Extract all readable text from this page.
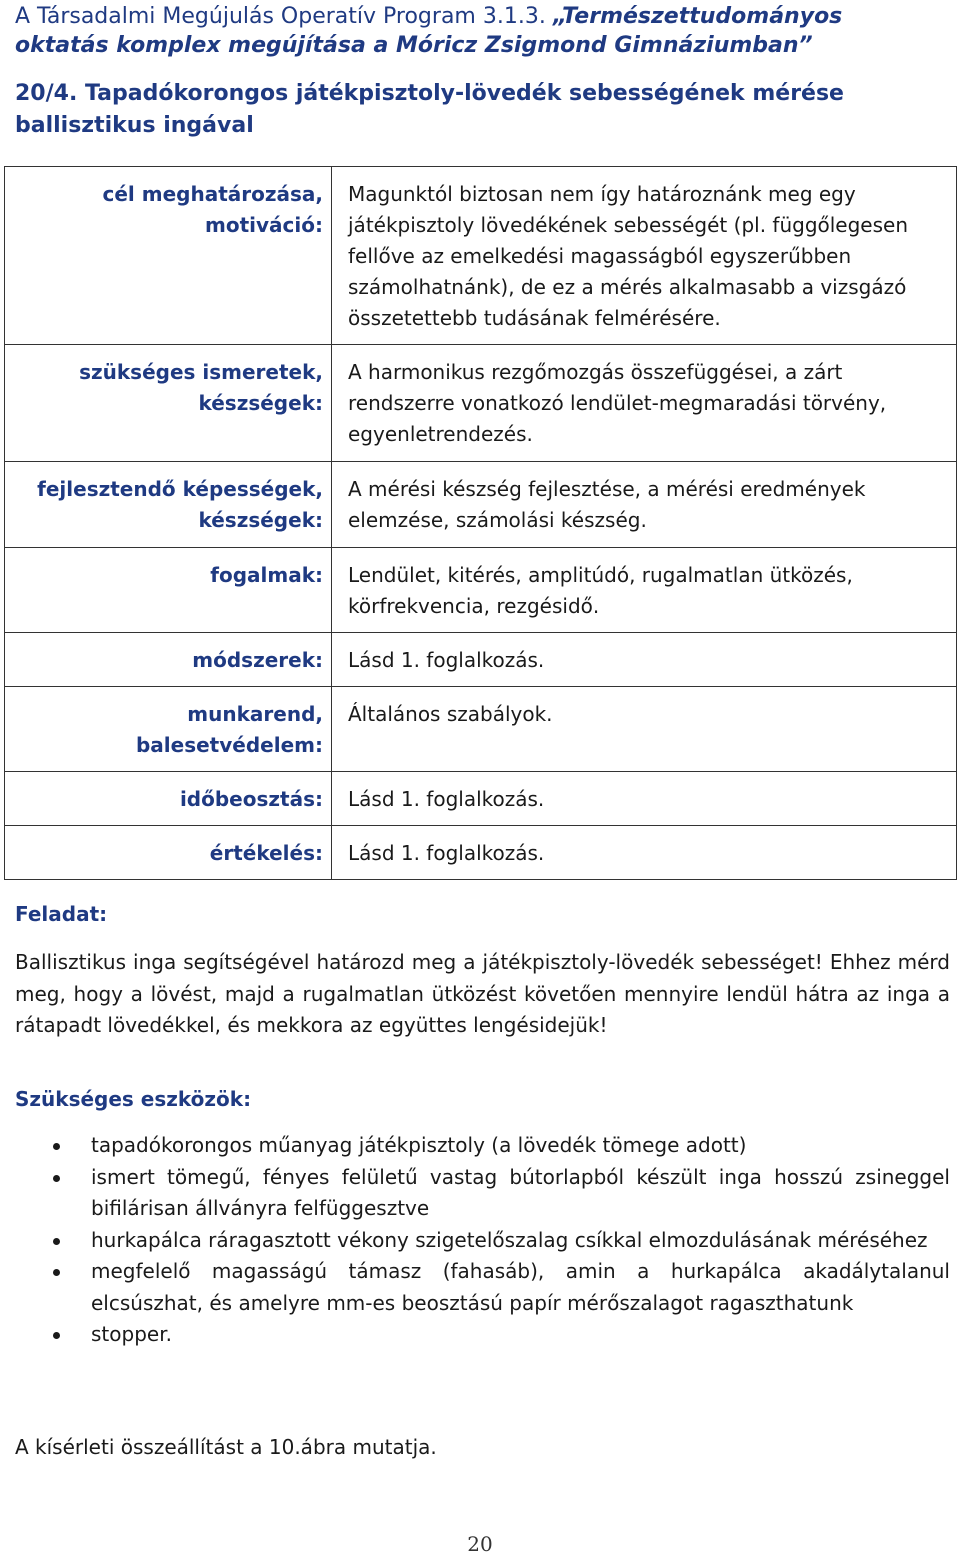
A Társadalmi Megújulás Operatív Program 3.1.3. „Természettudományos oktatás komplex megújítása a Móricz Zsigmond Gimnáziumban”
20/4. Tapadókorongos játékpisztoly-lövedék sebességének mérése ballisztikus ingával
cél meghatározása, motiváció:	Magunktól biztosan nem így határoznánk meg egy játékpisztoly lövedékének sebességét (pl. függőlegesen fellőve az emelkedési magasságból egyszerűbben számolhatnánk), de ez a mérés alkalmasabb a vizsgázó összetettebb tudásának felmérésére.
szükséges ismeretek, készségek:	A harmonikus rezgőmozgás összefüggései, a zárt rendszerre vonatkozó lendület-megmaradási törvény, egyenletrendezés.
fejlesztendő képességek, készségek:	A mérési készség fejlesztése, a mérési eredmények elemzése, számolási készség.
fogalmak:	Lendület, kitérés, amplitúdó, rugalmatlan ütközés, körfrekvencia, rezgésidő.
módszerek:	Lásd 1. foglalkozás.
munkarend, balesetvédelem:	Általános szabályok.
időbeosztás:	Lásd 1. foglalkozás.
értékelés:	Lásd 1. foglalkozás.
Feladat:
Ballisztikus inga segítségével határozd meg a játékpisztoly-lövedék sebességet! Ehhez mérd meg, hogy a lövést, majd a rugalmatlan ütközést követően mennyire lendül hátra az inga a rátapadt lövedékkel, és mekkora az együttes lengésidejük!
Szükséges eszközök:
tapadókorongos műanyag játékpisztoly (a lövedék tömege adott)
ismert tömegű, fényes felületű vastag bútorlapból készült inga hosszú zsineggel bifilárisan állványra felfüggesztve
hurkapálca ráragasztott vékony szigetelőszalag csíkkal elmozdulásának méréséhez
megfelelő magasságú támasz (fahasáb), amin a hurkapálca akadálytalanul elcsúszhat, és amelyre mm-es beosztású papír mérőszalagot ragaszthatunk
stopper.
A kísérleti összeállítást a 10.ábra mutatja.
20
